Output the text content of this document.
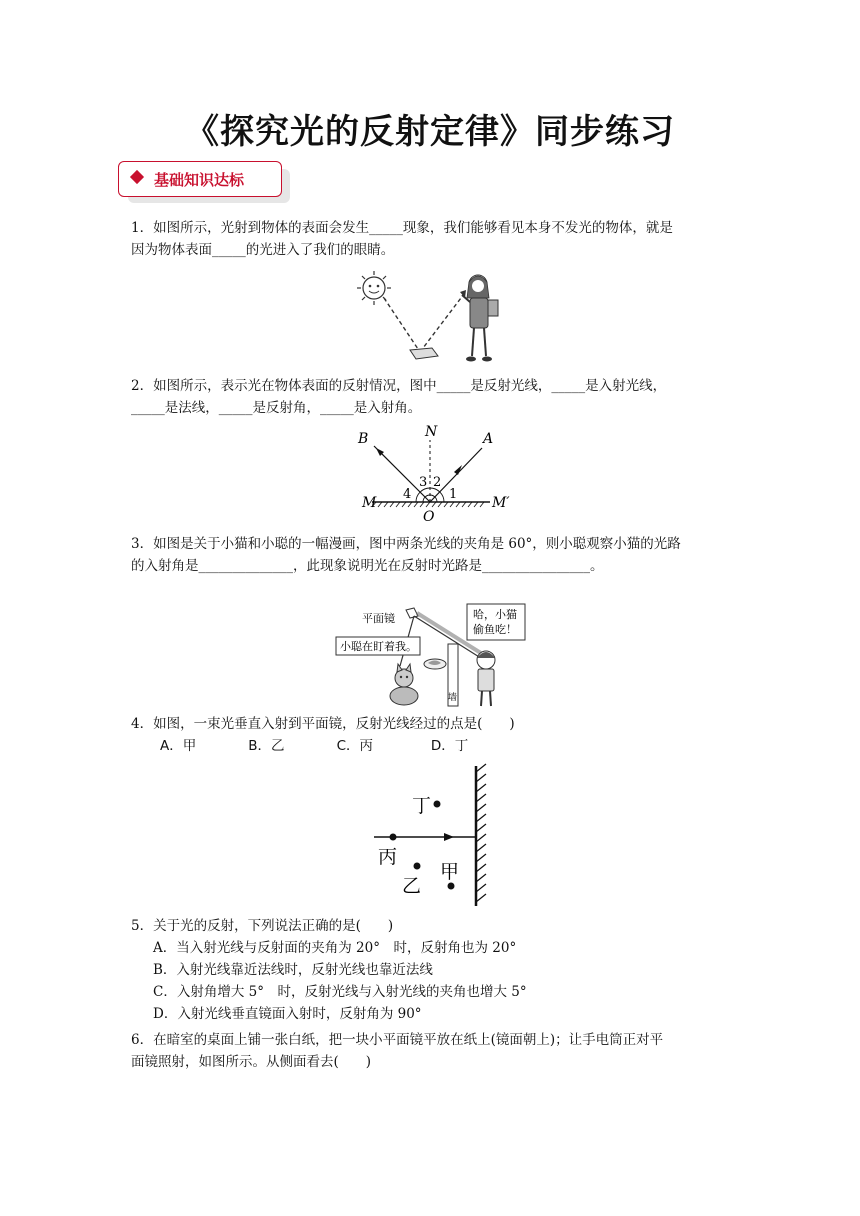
《探究光的反射定律》同步练习
基础知识达标
1．如图所示，光射到物体的表面会发生_____现象，我们能够看见本身不发光的物体，就是
因为物体表面_____的光进入了我们的眼睛。
2．如图所示，表示光在物体表面的反射情况，图中_____是反射光线，_____是入射光线，
_____是法线，_____是反射角，_____是入射角。
B	N	A
M
O
M′
1
2
3
4
3．如图是关于小猫和小聪的一幅漫画，图中两条光线的夹角是 60°，则小聪观察小猫的光路
的入射角是______________，此现象说明光在反射时光路是________________。
平面镜
小聪在盯着我。
哈，小猫
偷鱼吃！
墙
4．如图，一束光垂直入射到平面镜，反射光线经过的点是(　　)
A．甲	B．乙	C．丙	D．丁
丁
丙
乙
甲
5．关于光的反射，下列说法正确的是(　　)
A．当入射光线与反射面的夹角为 20°　时，反射角也为 20°
B．入射光线靠近法线时，反射光线也靠近法线
C．入射角增大 5°　时，反射光线与入射光线的夹角也增大 5°
D．入射光线垂直镜面入射时，反射角为 90°
6．在暗室的桌面上铺一张白纸，把一块小平面镜平放在纸上(镜面朝上)；让手电筒正对平
面镜照射，如图所示。从侧面看去(　　)
